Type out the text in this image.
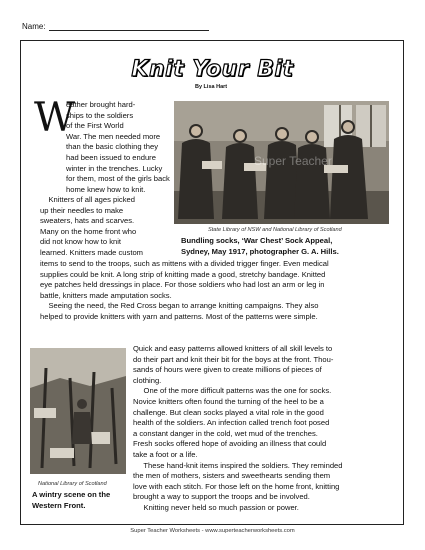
Name:
Knit Your Bit
By Lisa Hart
W
eather brought hard-
ships to the soldiers
of the First World
War. The men needed more
than the basic clothing they
had been issued to endure
winter in the trenches. Lucky
for them, most of the girls back
home knew how to knit.
Knitters of all ages picked
up their needles to make
sweaters, hats and scarves.
Many on the home front who
did not know how to knit
learned. Knitters made custom
items to send to the troops, such as mittens with a divided trigger finger. Even medical
supplies could be knit. A long strip of knitting made a good, stretchy bandage. Knitted
eye patches held dressings in place. For those soldiers who had lost an arm or leg in
battle, knitters made amputation socks.
Seeing the need, the Red Cross began to arrange knitting campaigns. They also
helped to provide knitters with yarn and patterns. Most of the patterns were simple.
Quick and easy patterns allowed knitters of all skill levels to
do their part and knit their bit for the boys at the front. Thou-
sands of hours were given to create millions of pieces of
clothing.
One of the more difficult patterns was the one for socks.
Novice knitters often found the turning of the heel to be a
challenge. But clean socks played a vital role in the good
health of the soldiers. An infection called trench foot posed
a constant danger in the cold, wet mud of the trenches.
Fresh socks offered hope of avoiding an illness that could
take a foot or a life.
These hand-knit items inspired the soldiers. They reminded
the men of mothers, sisters and sweethearts sending them
love with each stitch. For those left on the home front, knitting
brought a way to support the troops and be involved.
Knitting never held so much passion or power.
Super Teacher
State Library of NSW and National Library of Scotland
Bundling socks, ‘War Chest’ Sock Appeal,
Sydney, May 1917, photographer G. A. Hills.
National Library of Scotland
A wintry scene on the
Western Front.
Super Teacher Worksheets - www.superteacherworksheets.com
